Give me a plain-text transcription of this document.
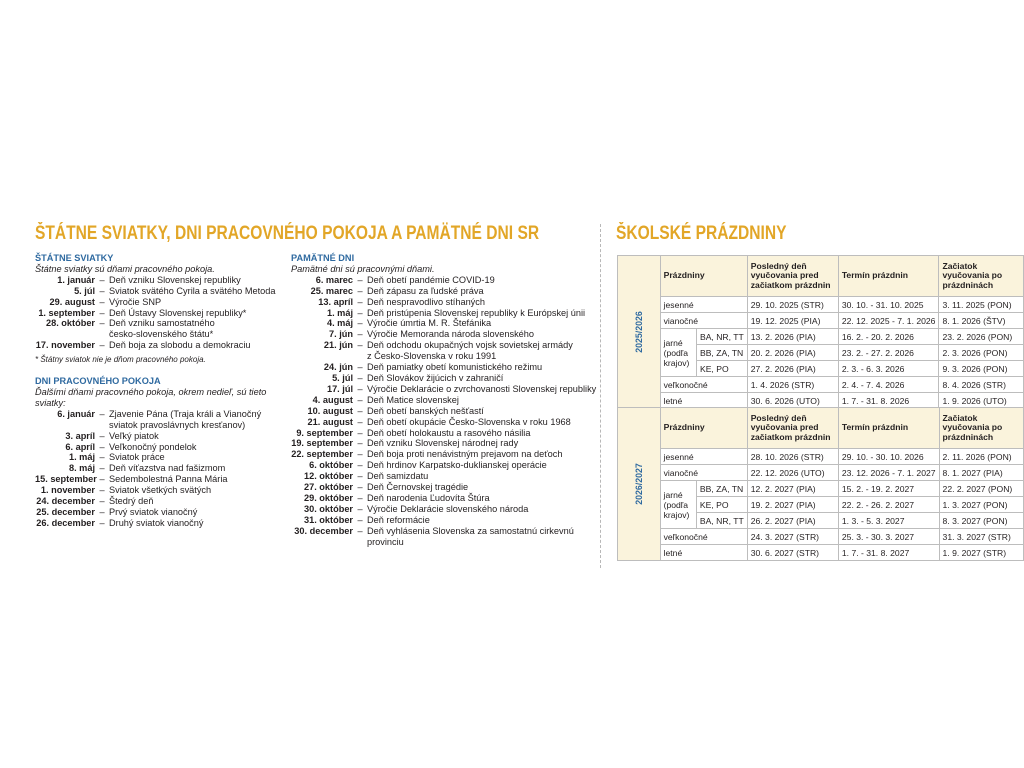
ŠTÁTNE SVIATKY, DNI PRACOVNÉHO POKOJA A PAMÄTNÉ DNI SR	ŠKOLSKÉ PRÁZDNINY
ŠTÁTNE SVIATKY
Štátne sviatky sú dňami pracovného pokoja.
1. január – Deň vzniku Slovenskej republiky
5. júl – Sviatok svätého Cyrila a svätého Metoda
29. august – Výročie SNP
1. september – Deň Ústavy Slovenskej republiky*
28. október – Deň vzniku samostatného
česko-slovenského štátu*
17. november – Deň boja za slobodu a demokraciu
* Štátny sviatok nie je dňom pracovného pokoja.
DNI PRACOVNÉHO POKOJA
Ďalšími dňami pracovného pokoja, okrem nedieľ, sú tieto sviatky:
6. január – Zjavenie Pána (Traja králi a Vianočný
sviatok pravoslávnych kresťanov)
3. apríl – Veľký piatok
6. apríl – Veľkonočný pondelok
1. máj – Sviatok práce
8. máj – Deň víťazstva nad fašizmom
15. september – Sedembolestná Panna Mária
1. november – Sviatok všetkých svätých
24. december – Štedrý deň
25. december – Prvý sviatok vianočný
26. december – Druhý sviatok vianočný
PAMÄTNÉ DNI
Pamätné dni sú pracovnými dňami.
6. marec – Deň obetí pandémie COVID-19
25. marec – Deň zápasu za ľudské práva
13. apríl – Deň nespravodlivo stíhaných
1. máj – Deň pristúpenia Slovenskej republiky k Európskej únii
4. máj – Výročie úmrtia M. R. Štefánika
7. jún – Výročie Memoranda národa slovenského
21. jún – Deň odchodu okupačných vojsk sovietskej armády
z Česko-Slovenska v roku 1991
24. jún – Deň pamiatky obetí komunistického režimu
5. júl – Deň Slovákov žijúcich v zahraničí
17. júl – Výročie Deklarácie o zvrchovanosti Slovenskej republiky
4. august – Deň Matice slovenskej
10. august – Deň obetí banských nešťastí
21. august – Deň obetí okupácie Česko-Slovenska v roku 1968
9. september – Deň obetí holokaustu a rasového násilia
19. september – Deň vzniku Slovenskej národnej rady
22. september – Deň boja proti nenávistným prejavom na deťoch
6. október – Deň hrdinov Karpatsko-duklianskej operácie
12. október – Deň samizdatu
27. október – Deň Černovskej tragédie
29. október – Deň narodenia Ľudovíta Štúra
30. október – Výročie Deklarácie slovenského národa
31. október – Deň reformácie
30. december – Deň vyhlásenia Slovenska za samostatnú cirkevnú
provinciu
2025/2026	Prázdniny		Posledný deň vyučovania pred začiatkom prázdnin	Termín prázdnin	Začiatok vyučovania po prázdninách
	jesenné		29. 10. 2025 (STR)	30. 10. - 31. 10. 2025	3. 11. 2025 (PON)
	vianočné		19. 12. 2025 (PIA)	22. 12. 2025 - 7. 1. 2026	8. 1. 2026 (ŠTV)
	jarné (podľa krajov)	BA, NR, TT	13. 2. 2026 (PIA)	16. 2. - 20. 2. 2026	23. 2. 2026 (PON)
		BB, ZA, TN	20. 2. 2026 (PIA)	23. 2. - 27. 2. 2026	2. 3. 2026 (PON)
		KE, PO	27. 2. 2026 (PIA)	2. 3. - 6. 3. 2026	9. 3. 2026 (PON)
	veľkonočné		1. 4. 2026 (STR)	2. 4. - 7. 4. 2026	8. 4. 2026 (STR)
	letné		30. 6. 2026 (UTO)	1. 7. - 31. 8. 2026	1. 9. 2026 (UTO)
2026/2027	Prázdniny		Posledný deň vyučovania pred začiatkom prázdnin	Termín prázdnin	Začiatok vyučovania po prázdninách
	jesenné		28. 10. 2026 (STR)	29. 10. - 30. 10. 2026	2. 11. 2026 (PON)
	vianočné		22. 12. 2026 (UTO)	23. 12. 2026 - 7. 1. 2027	8. 1. 2027 (PIA)
	jarné (podľa krajov)	BB, ZA, TN	12. 2. 2027 (PIA)	15. 2. - 19. 2. 2027	22. 2. 2027 (PON)
		KE, PO	19. 2. 2027 (PIA)	22. 2. - 26. 2. 2027	1. 3. 2027 (PON)
		BA, NR, TT	26. 2. 2027 (PIA)	1. 3. - 5. 3. 2027	8. 3. 2027 (PON)
	veľkonočné		24. 3. 2027 (STR)	25. 3. - 30. 3. 2027	31. 3. 2027 (STR)
	letné		30. 6. 2027 (STR)	1. 7. - 31. 8. 2027	1. 9. 2027 (STR)
